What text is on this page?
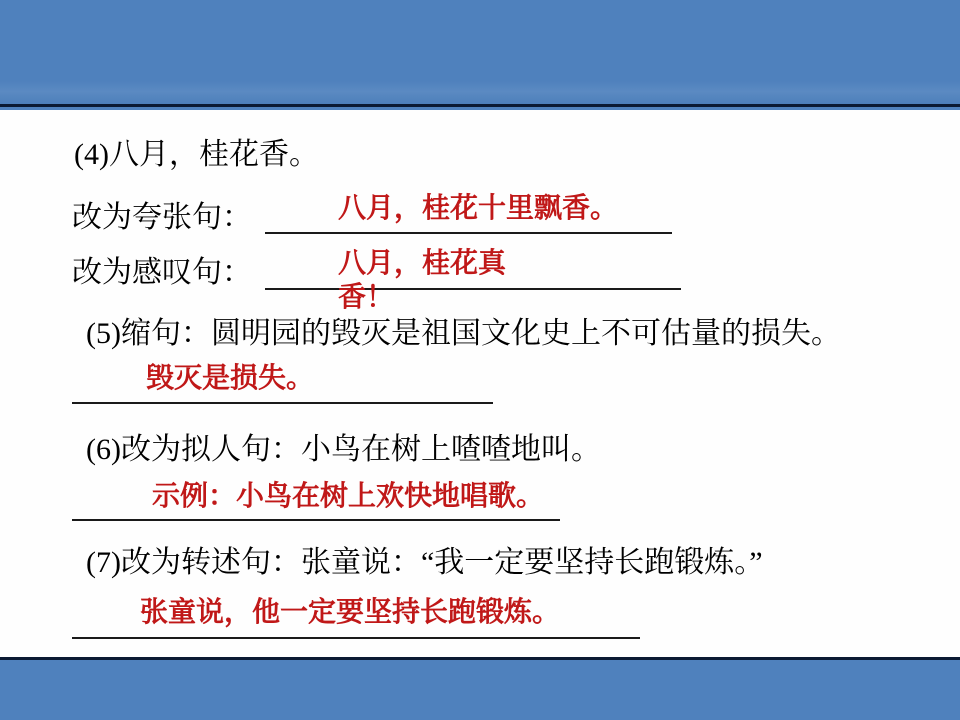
(4)八月，桂花香。
改为夸张句：	八月，桂花十里飘香。
改为感叹句：	八月，桂花真
香！
(5)缩句：圆明园的毁灭是祖国文化史上不可估量的损失。
毁灭是损失。
(6)改为拟人句：小鸟在树上喳喳地叫。
示例：小鸟在树上欢快地唱歌。
(7)改为转述句：张童说：“我一定要坚持长跑锻炼。”
张童说，他一定要坚持长跑锻炼。
